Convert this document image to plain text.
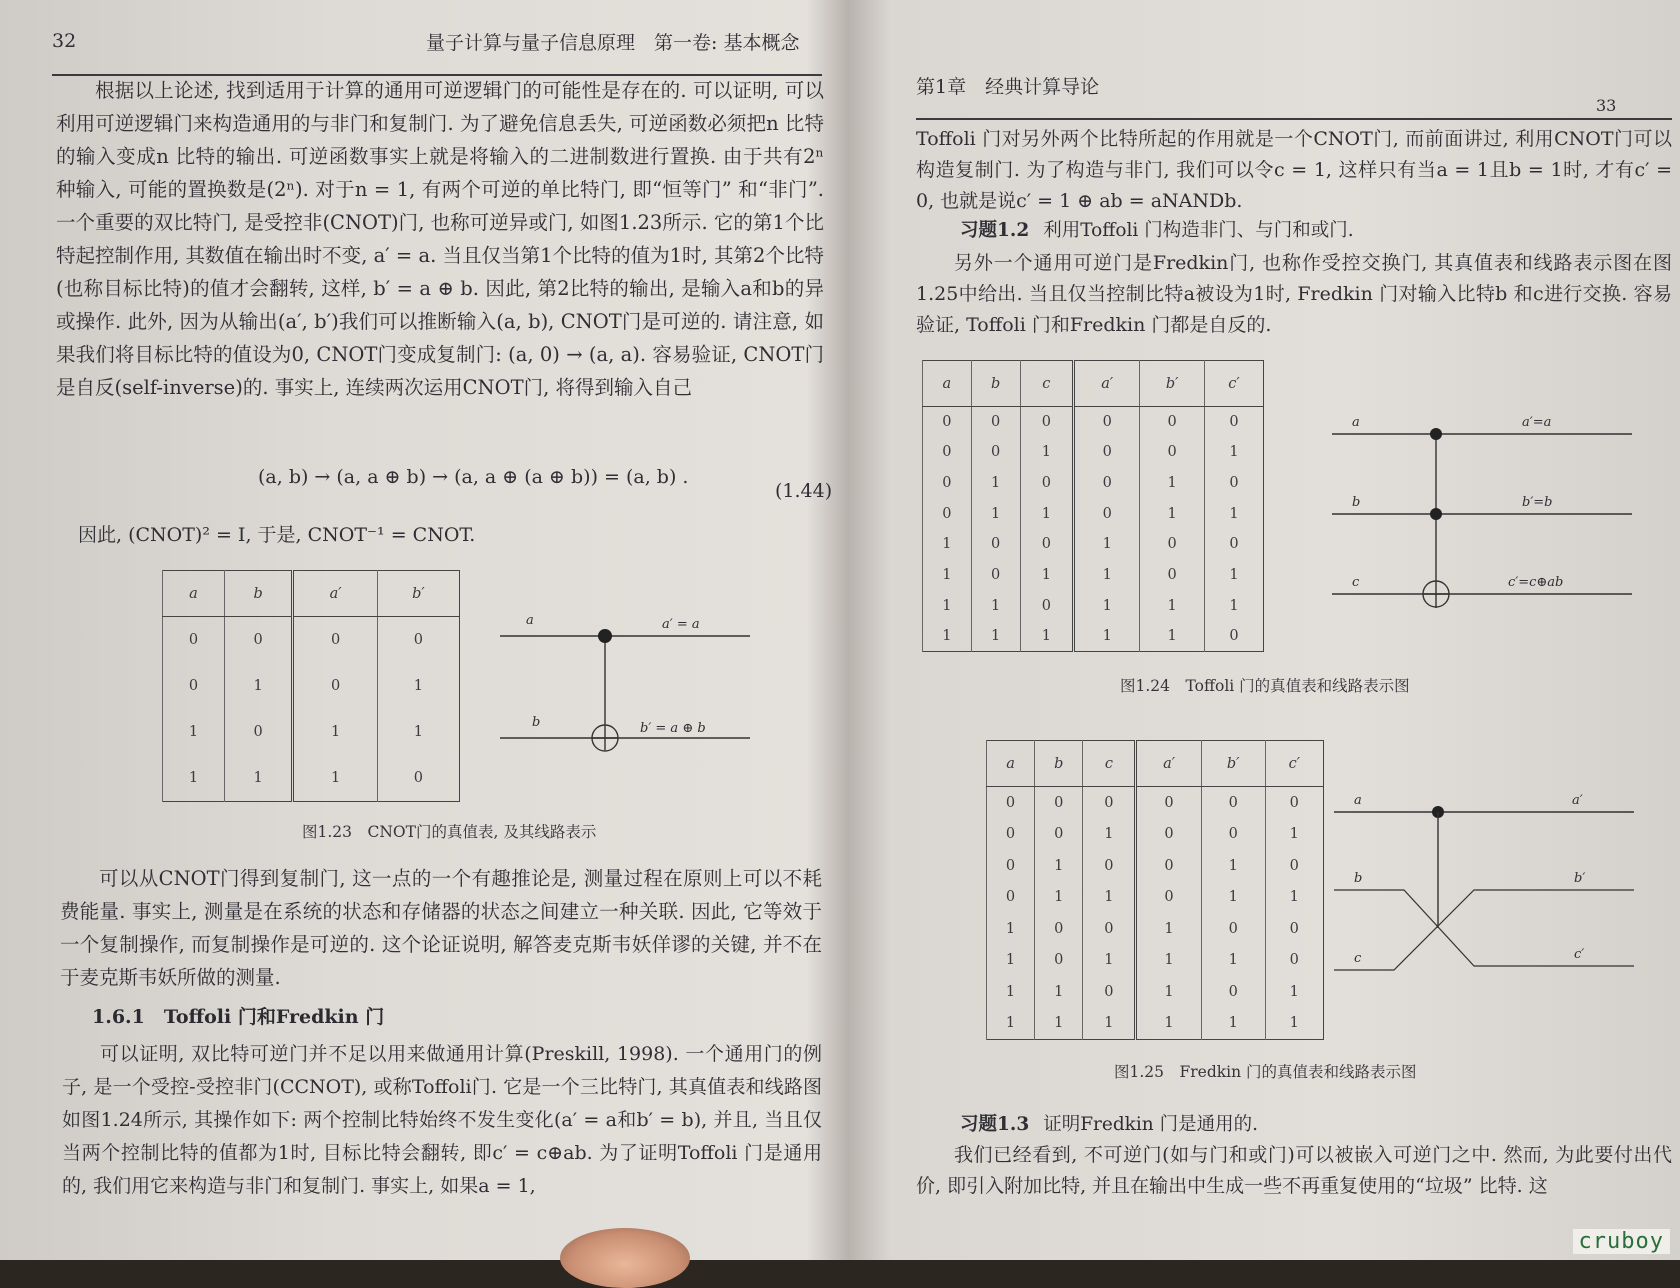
32	量子计算与量子信息原理　第一卷: 基本概念

根据以上论述, 找到适用于计算的通用可逆逻辑门的可能性是存在的. 可以证明, 可以利用可逆逻辑门来构造通用的与非门和复制门. 为了避免信息丢失, 可逆函数必须把n 比特的输入变成n 比特的输出. 可逆函数事实上就是将输入的二进制数进行置换. 由于共有2ⁿ 种输入, 可能的置换数是(2ⁿ). 对于n = 1, 有两个可逆的单比特门, 即“恒等门” 和“非门”. 一个重要的双比特门, 是受控非(CNOT)门, 也称可逆异或门, 如图1.23所示. 它的第1个比特起控制作用, 其数值在输出时不变, a′ = a. 当且仅当第1个比特的值为1时, 其第2个比特(也称目标比特)的值才会翻转, 这样, b′ = a ⊕ b. 因此, 第2比特的输出, 是输入a和b的异或操作. 此外, 因为从输出(a′, b′)我们可以推断输入(a, b), CNOT门是可逆的. 请注意, 如果我们将目标比特的值设为0, CNOT门变成复制门: (a, 0) → (a, a). 容易验证, CNOT门是自反(self-inverse)的. 事实上, 连续两次运用CNOT门, 将得到输入自己

(a, b) → (a, a ⊕ b) → (a, a ⊕ (a ⊕ b)) = (a, b) .
(1.44)
因此, (CNOT)² = I, 于是, CNOT⁻¹ = CNOT.
a	b	a′	b′
0	0	0	0
0	1	0	1
1	0	1	1
1	1	1	0
a	a′ = a
b	b′ = a ⊕ b
图1.23　CNOT门的真值表, 及其线路表示

可以从CNOT门得到复制门, 这一点的一个有趣推论是, 测量过程在原则上可以不耗费能量. 事实上, 测量是在系统的状态和存储器的状态之间建立一种关联. 因此, 它等效于一个复制操作, 而复制操作是可逆的. 这个论证说明, 解答麦克斯韦妖佯谬的关键, 并不在于麦克斯韦妖所做的测量.

1.6.1　Toffoli 门和Fredkin 门

可以证明, 双比特可逆门并不足以用来做通用计算(Preskill, 1998). 一个通用门的例子, 是一个受控-受控非门(CCNOT), 或称Toffoli门. 它是一个三比特门, 其真值表和线路图如图1.24所示, 其操作如下: 两个控制比特始终不发生变化(a′ = a和b′ = b), 并且, 当且仅当两个控制比特的值都为1时, 目标比特会翻转, 即c′ = c⊕ab. 为了证明Toffoli 门是通用的, 我们用它来构造与非门和复制门. 事实上, 如果a = 1,

第1章　经典计算导论
33

Toffoli 门对另外两个比特所起的作用就是一个CNOT门, 而前面讲过, 利用CNOT门可以构造复制门. 为了构造与非门, 我们可以令c = 1, 这样只有当a = 1且b = 1时, 才有c′ = 0, 也就是说c′ = 1 ⊕ ab = aNANDb.

习题1.2 利用Toffoli 门构造非门、与门和或门.

另外一个通用可逆门是Fredkin门, 也称作受控交换门, 其真值表和线路表示图在图1.25中给出. 当且仅当控制比特a被设为1时, Fredkin 门对输入比特b 和c进行交换. 容易验证, Toffoli 门和Fredkin 门都是自反的.

a	b	c	a′	b′	c′
0	0	0	0	0	0
0	0	1	0	0	1
0	1	0	0	1	0
0	1	1	0	1	1
1	0	0	1	0	0
1	0	1	1	0	1
1	1	0	1	1	1
1	1	1	1	1	0
a	a′=a
b	b′=b
c	c′=c⊕ab
图1.24　Toffoli 门的真值表和线路表示图
a	b	c	a′	b′	c′
0	0	0	0	0	0
0	0	1	0	0	1
0	1	0	0	1	0
0	1	1	0	1	1
1	0	0	1	0	0
1	0	1	1	1	0
1	1	0	1	0	1
1	1	1	1	1	1
a	a′
b	b′
c	c′
图1.25　Fredkin 门的真值表和线路表示图
习题1.3 证明Fredkin 门是通用的.

我们已经看到, 不可逆门(如与门和或门)可以被嵌入可逆门之中. 然而, 为此要付出代价, 即引入附加比特, 并且在输出中生成一些不再重复使用的“垃圾” 比特. 这

cruboy
